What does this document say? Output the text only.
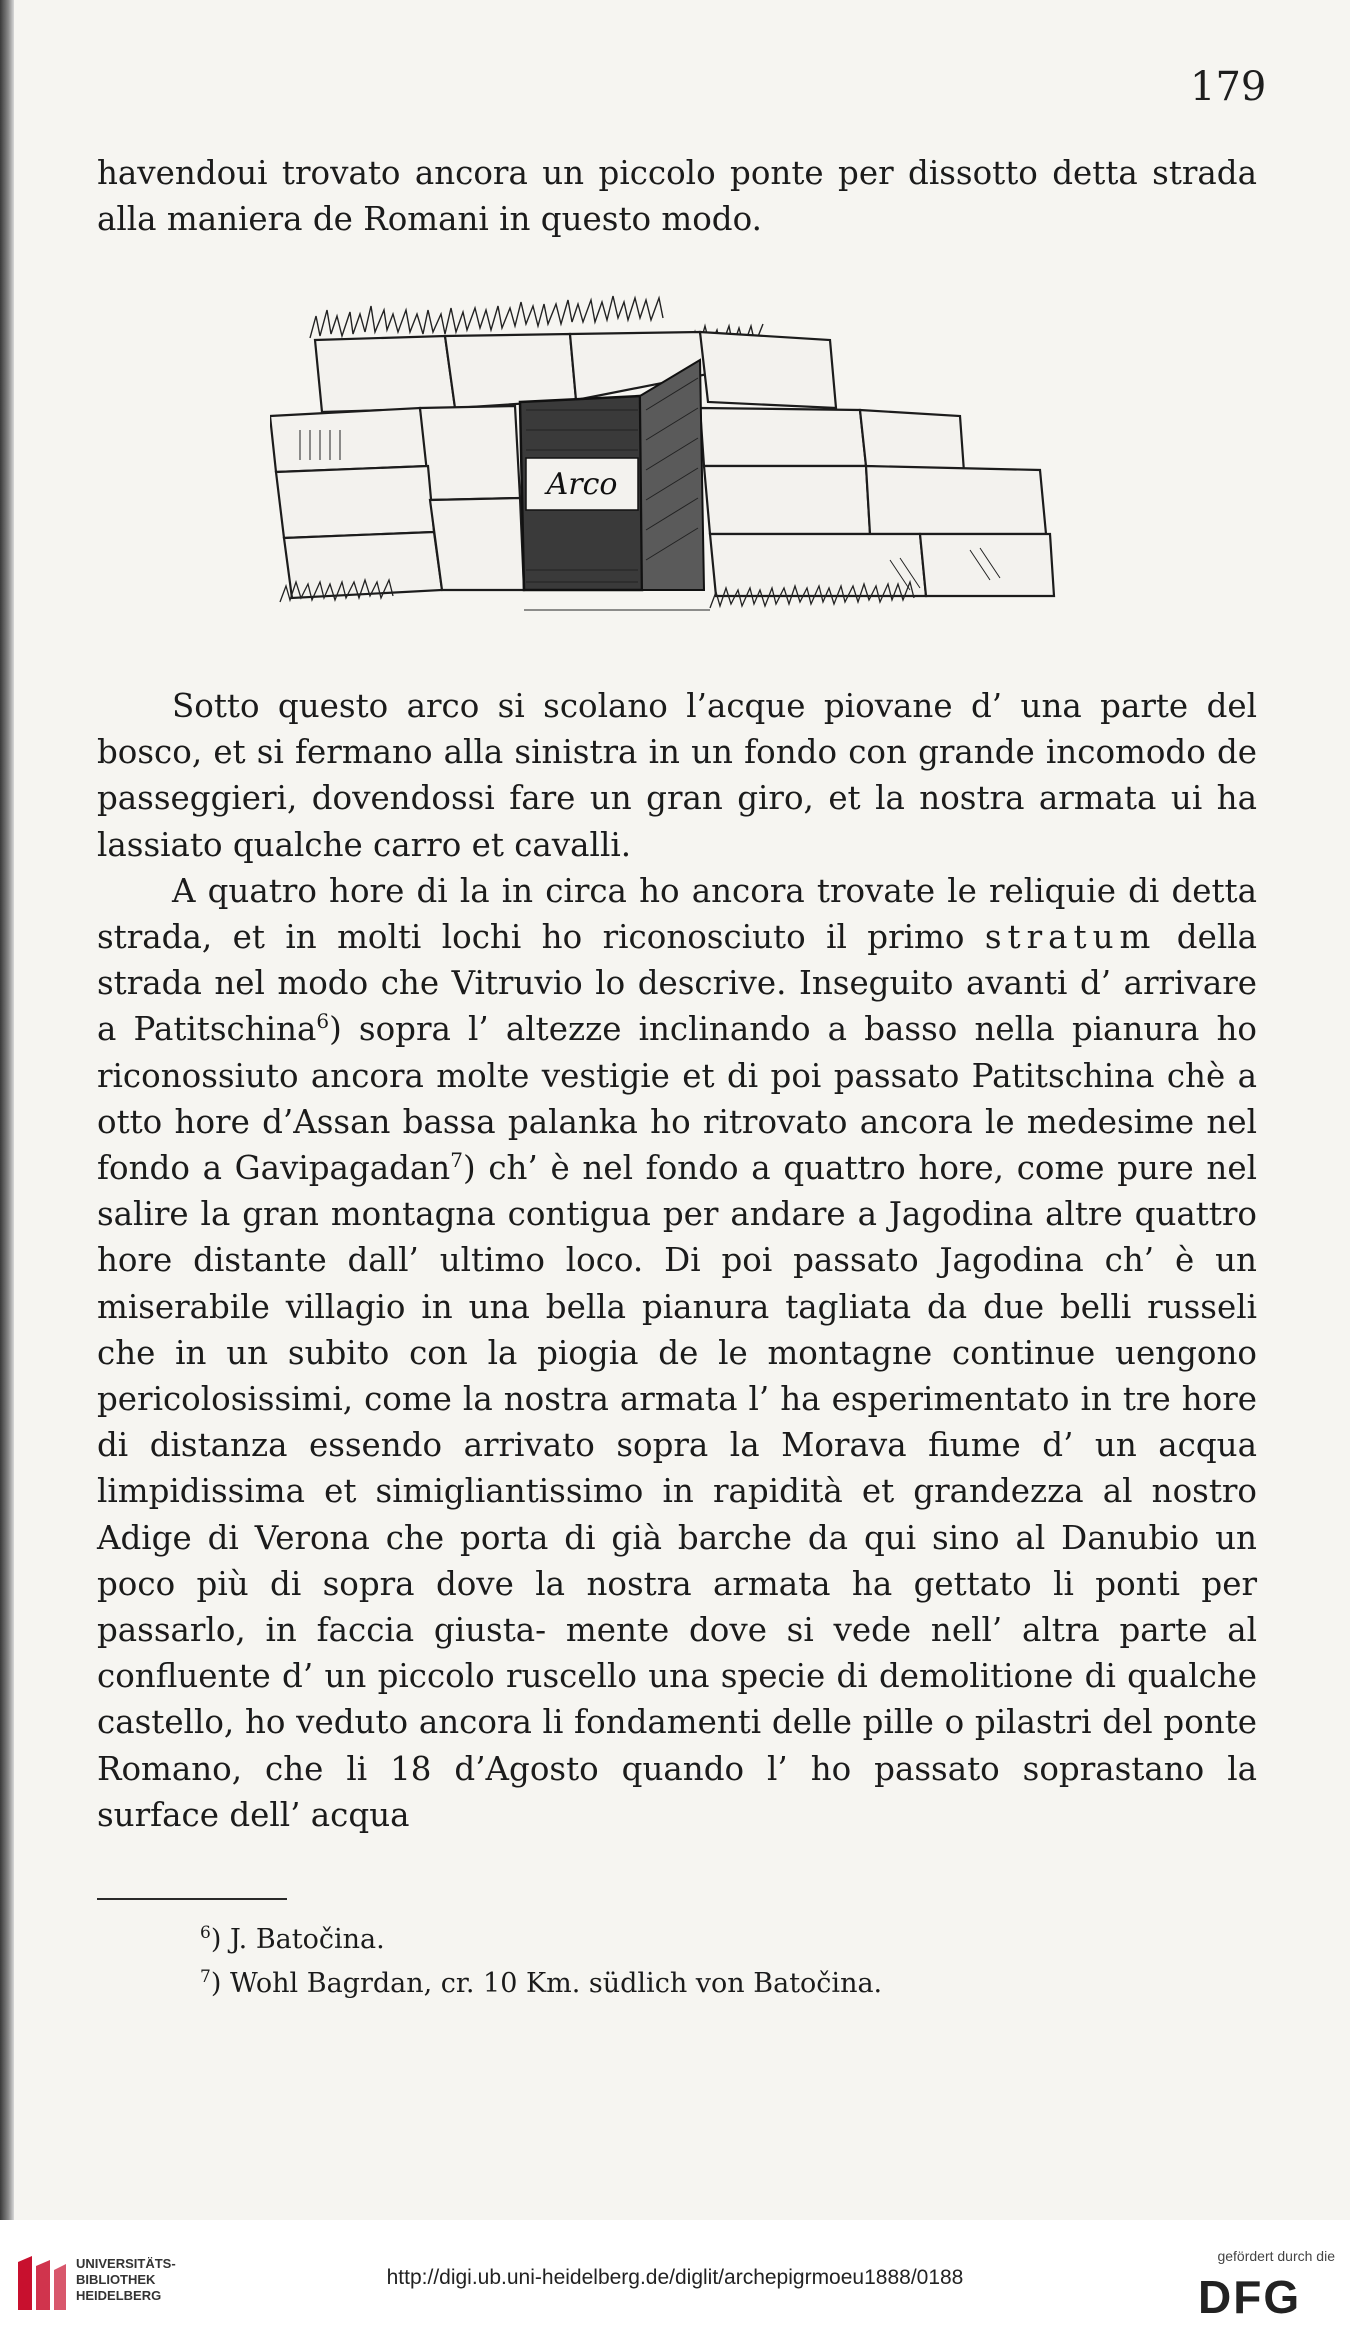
179

havendoui trovato ancora un piccolo ponte per dissotto detta strada alla maniera de Romani in questo modo.

Arco

Sotto questo arco si scolano l’acque piovane d’ una parte del bosco, et si fermano alla sinistra in un fondo con grande incomodo de passeggieri, dovendossi fare un gran giro, et la nostra armata ui ha lassiato qualche carro et cavalli.

A quatro hore di la in circa ho ancora trovate le reliquie di detta strada, et in molti lochi ho riconosciuto il primo stratum della strada nel modo che Vitruvio lo descrive. Inseguito avanti d’ arrivare a Patitschina$^6$) sopra l’ altezze inclinando a basso nella pianura ho riconossiuto ancora molte vestigie et di poi passato Patitschina chè a otto hore d’Assan bassa palanka ho ritrovato ancora le medesime nel fondo a Gavipagadan$^7$) ch’ è nel fondo a quattro hore, come pure nel salire la gran montagna contigua per andare a Jagodina altre quattro hore distante dall’ ultimo loco. Di poi passato Jagodina ch’ è un miserabile villagio in una bella pianura tagliata da due belli russeli che in un subito con la piogia de le montagne continue uengono pericolosissimi, come la nostra armata l’ ha esperimentato in tre hore di distanza essendo arrivato sopra la Morava fiume d’ un acqua limpidissima et simigliantissimo in rapidità et grandezza al nostro Adige di Verona che porta di già barche da qui sino al Danubio un poco più di sopra dove la nostra armata ha gettato li ponti per passarlo, in faccia giusta- mente dove si vede nell’ altra parte al confluente d’ un piccolo ruscello una specie di demolitione di qualche castello, ho veduto ancora li fondamenti delle pille o pilastri del ponte Romano, che li 18 d’Agosto quando l’ ho passato soprastano la surface dell’ acqua

$^6$) J. Batočina.
$^7$) Wohl Bagrdan, cr. 10 Km. südlich von Batočina.
UNIVERSITÄTS-
BIBLIOTHEK
HEIDELBERG
http://digi.ub.uni-heidelberg.de/diglit/archepigrmoeu1888/0188
gefördert durch die
DFG
